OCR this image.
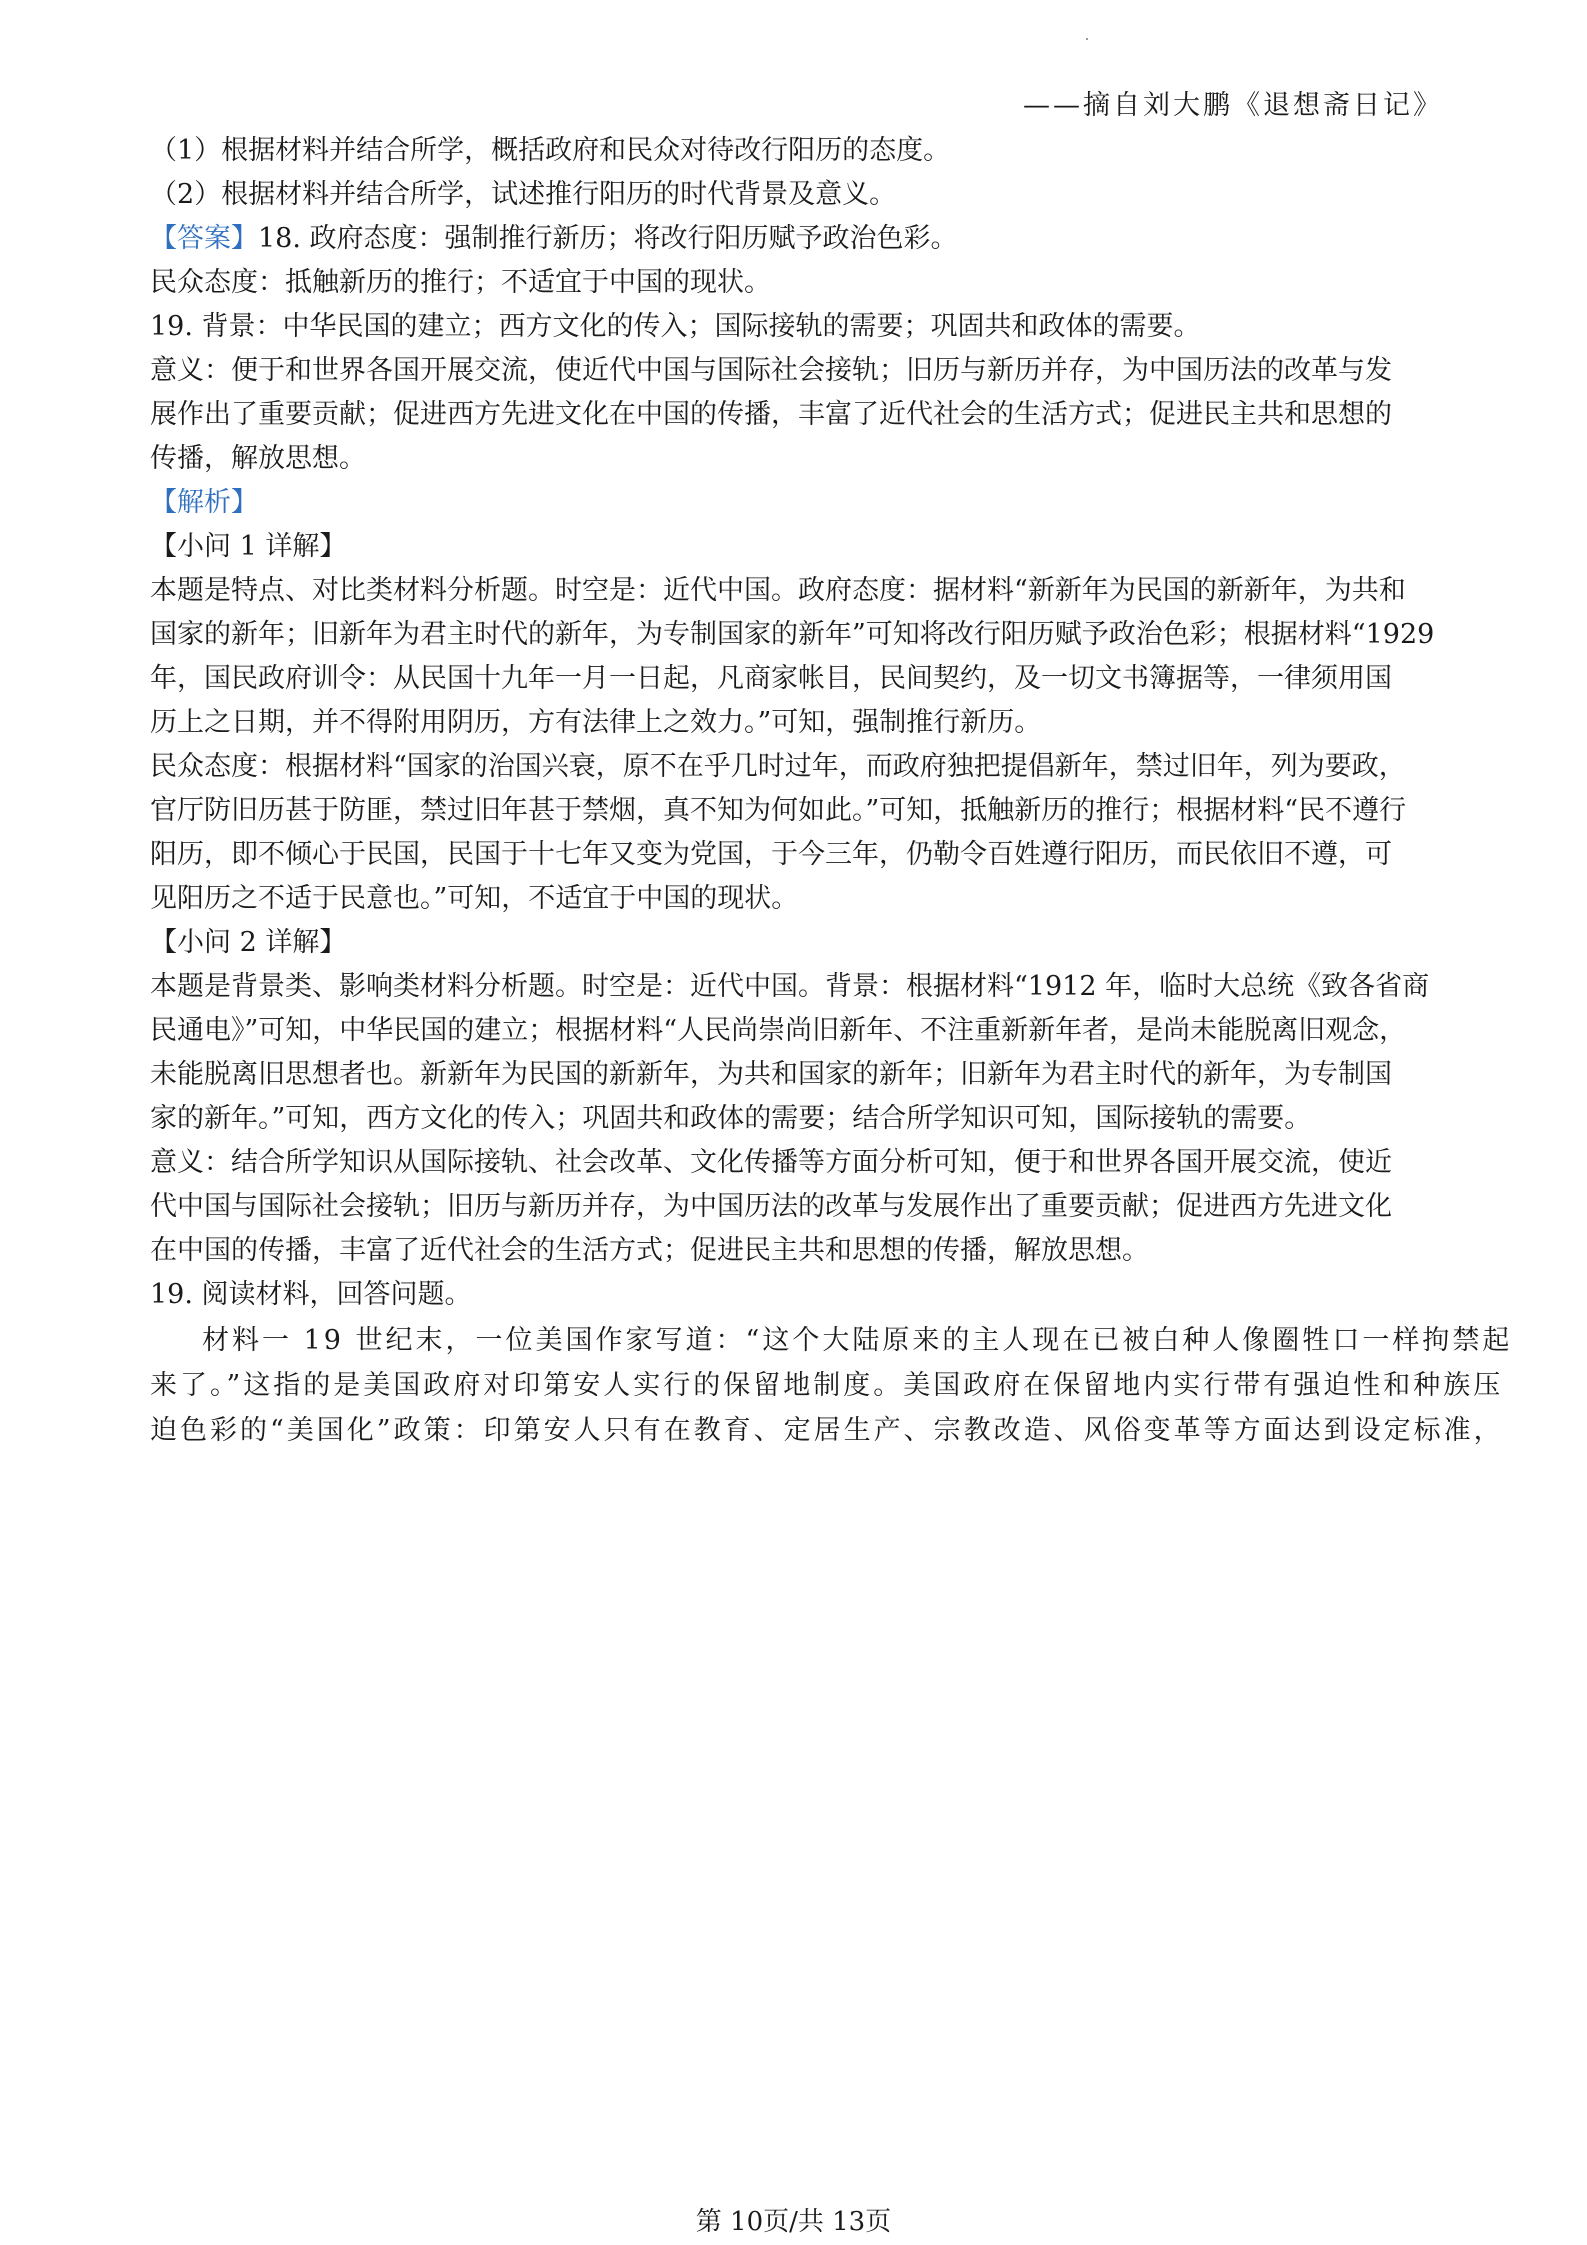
——摘自刘大鹏《退想斋日记》
（1）根据材料并结合所学，概括政府和民众对待改行阳历的态度。
（2）根据材料并结合所学，试述推行阳历的时代背景及意义。
【答案】18. 政府态度：强制推行新历；将改行阳历赋予政治色彩。
民众态度：抵触新历的推行；不适宜于中国的现状。
19. 背景：中华民国的建立；西方文化的传入；国际接轨的需要；巩固共和政体的需要。
意义：便于和世界各国开展交流，使近代中国与国际社会接轨；旧历与新历并存，为中国历法的改革与发
展作出了重要贡献；促进西方先进文化在中国的传播，丰富了近代社会的生活方式；促进民主共和思想的
传播，解放思想。
【解析】
【小问 1 详解】
本题是特点、对比类材料分析题。时空是：近代中国。政府态度：据材料“新新年为民国的新新年，为共和
国家的新年；旧新年为君主时代的新年，为专制国家的新年”可知将改行阳历赋予政治色彩；根据材料“1929
年，国民政府训令：从民国十九年一月一日起，凡商家帐目，民间契约，及一切文书簿据等，一律须用国
历上之日期，并不得附用阴历，方有法律上之效力。”可知，强制推行新历。
民众态度：根据材料“国家的治国兴衰，原不在乎几时过年，而政府独把提倡新年，禁过旧年，列为要政，
官厅防旧历甚于防匪，禁过旧年甚于禁烟，真不知为何如此。”可知，抵触新历的推行；根据材料“民不遵行
阳历，即不倾心于民国，民国于十七年又变为党国，于今三年，仍勒令百姓遵行阳历，而民依旧不遵，可
见阳历之不适于民意也。”可知，不适宜于中国的现状。
【小问 2 详解】
本题是背景类、影响类材料分析题。时空是：近代中国。背景：根据材料“1912 年，临时大总统《致各省商
民通电》”可知，中华民国的建立；根据材料“人民尚崇尚旧新年、不注重新新年者，是尚未能脱离旧观念，
未能脱离旧思想者也。新新年为民国的新新年，为共和国家的新年；旧新年为君主时代的新年，为专制国
家的新年。”可知，西方文化的传入；巩固共和政体的需要；结合所学知识可知，国际接轨的需要。
意义：结合所学知识从国际接轨、社会改革、文化传播等方面分析可知，便于和世界各国开展交流，使近
代中国与国际社会接轨；旧历与新历并存，为中国历法的改革与发展作出了重要贡献；促进西方先进文化
在中国的传播，丰富了近代社会的生活方式；促进民主共和思想的传播，解放思想。
19. 阅读材料，回答问题。
材料一 19 世纪末，一位美国作家写道：“这个大陆原来的主人现在已被白种人像圈牲口一样拘禁起
来了。”这指的是美国政府对印第安人实行的保留地制度。美国政府在保留地内实行带有强迫性和种族压
迫色彩的“美国化”政策：印第安人只有在教育、定居生产、宗教改造、风俗变革等方面达到设定标准，
第 10页/共 13页
